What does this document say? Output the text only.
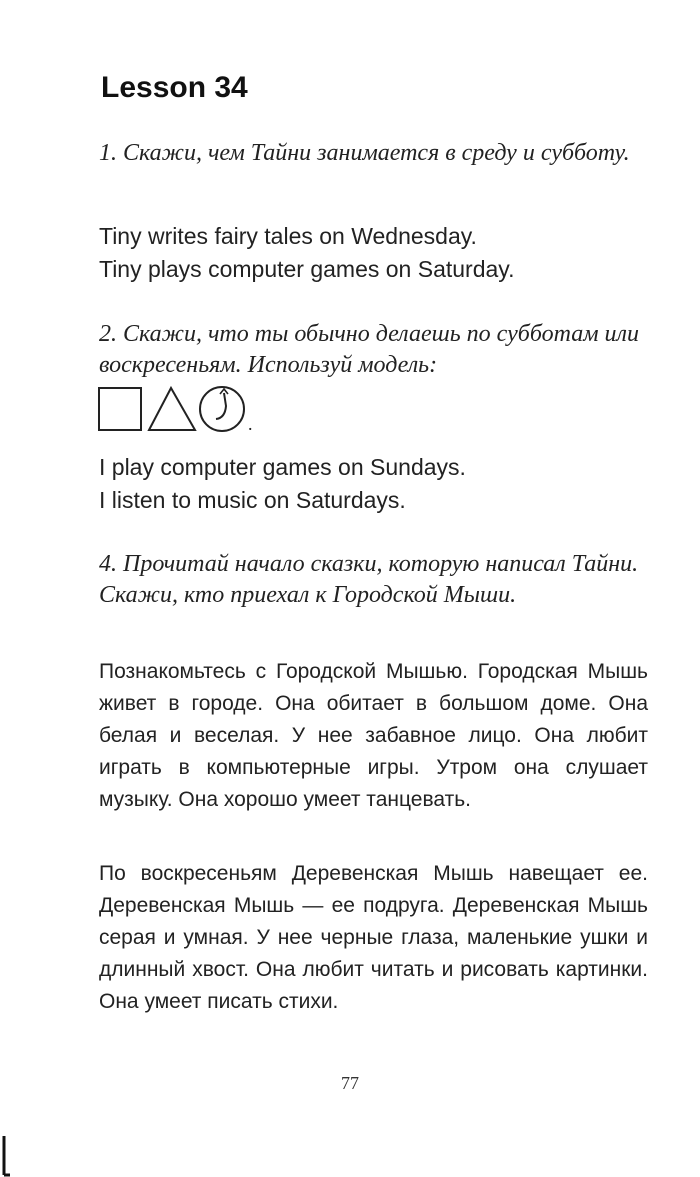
Lesson 34
1. Скажи, чем Тайни занимается в среду и субботу.
Tiny writes fairy tales on Wednesday.
Tiny plays computer games on Saturday.
2. Скажи, что ты обычно делаешь по субботам или воскресеньям. Используй модель:
.
I play computer games on Sundays.
I listen to music on Saturdays.
4. Прочитай начало сказки, которую написал Тайни. Скажи, кто приехал к Городской Мыши.
Познакомьтесь с Городской Мышью. Городская Мышь живет в городе. Она обитает в большом доме. Она белая и веселая. У нее забавное лицо. Она любит играть в компьютерные игры. Утром она слушает музыку. Она хорошо умеет танцевать.
По воскресеньям Деревенская Мышь навещает ее. Деревенская Мышь — ее подруга. Деревенская Мышь серая и умная. У нее черные глаза, маленькие ушки и длинный хвост. Она любит читать и рисовать картинки. Она умеет писать стихи.
77
